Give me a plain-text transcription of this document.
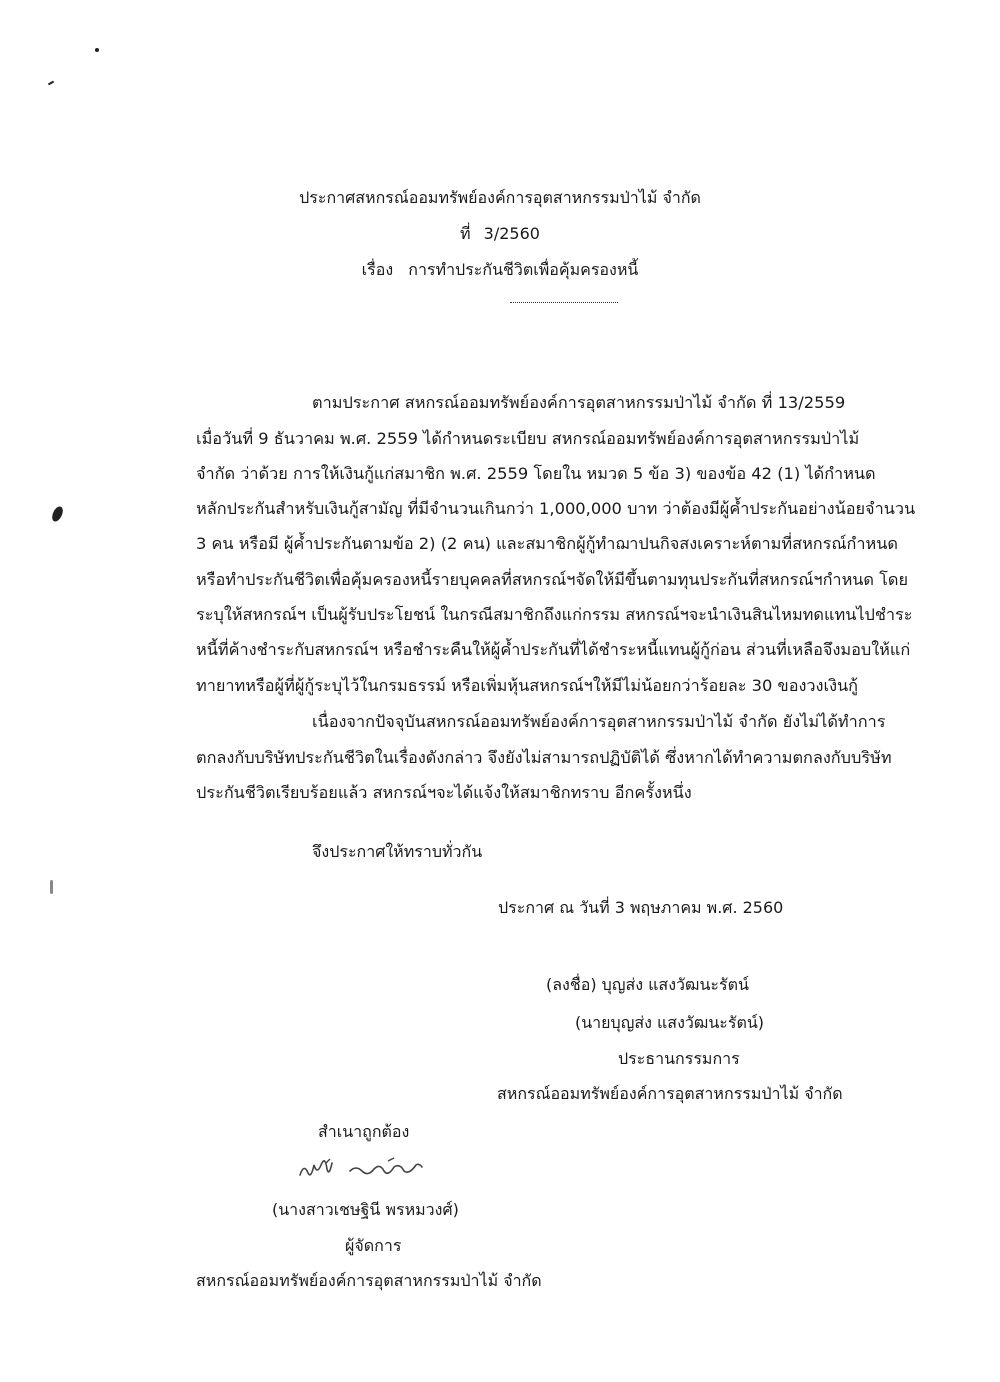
ประกาศสหกรณ์ออมทรัพย์องค์การอุตสาหกรรมป่าไม้ จำกัด
ที่ 3/2560
เรื่อง การทำประกันชีวิตเพื่อคุ้มครองหนี้
ตามประกาศ สหกรณ์ออมทรัพย์องค์การอุตสาหกรรมป่าไม้ จำกัด ที่ 13/2559
เมื่อวันที่ 9 ธันวาคม พ.ศ. 2559 ได้กำหนดระเบียบ สหกรณ์ออมทรัพย์องค์การอุตสาหกรรมป่าไม้
จำกัด ว่าด้วย การให้เงินกู้แก่สมาชิก พ.ศ. 2559 โดยใน หมวด 5 ข้อ 3) ของข้อ 42 (1) ได้กำหนด
หลักประกันสำหรับเงินกู้สามัญ ที่มีจำนวนเกินกว่า 1,000,000 บาท ว่าต้องมีผู้ค้ำประกันอย่างน้อยจำนวน
3 คน หรือมี ผู้ค้ำประกันตามข้อ 2) (2 คน) และสมาชิกผู้กู้ทำฌาปนกิจสงเคราะห์ตามที่สหกรณ์กำหนด
หรือทำประกันชีวิตเพื่อคุ้มครองหนี้รายบุคคลที่สหกรณ์ฯจัดให้มีขึ้นตามทุนประกันที่สหกรณ์ฯกำหนด โดย
ระบุให้สหกรณ์ฯ เป็นผู้รับประโยชน์ ในกรณีสมาชิกถึงแก่กรรม สหกรณ์ฯจะนำเงินสินไหมทดแทนไปชำระ
หนี้ที่ค้างชำระกับสหกรณ์ฯ หรือชำระคืนให้ผู้ค้ำประกันที่ได้ชำระหนี้แทนผู้กู้ก่อน ส่วนที่เหลือจึงมอบให้แก่
ทายาทหรือผู้ที่ผู้กู้ระบุไว้ในกรมธรรม์ หรือเพิ่มหุ้นสหกรณ์ฯให้มีไม่น้อยกว่าร้อยละ 30 ของวงเงินกู้
เนื่องจากปัจจุบันสหกรณ์ออมทรัพย์องค์การอุตสาหกรรมป่าไม้ จำกัด ยังไม่ได้ทำการ
ตกลงกับบริษัทประกันชีวิตในเรื่องดังกล่าว จึงยังไม่สามารถปฏิบัติได้ ซึ่งหากได้ทำความตกลงกับบริษัท
ประกันชีวิตเรียบร้อยแล้ว สหกรณ์ฯจะได้แจ้งให้สมาชิกทราบ อีกครั้งหนึ่ง
จึงประกาศให้ทราบทั่วกัน
ประกาศ ณ วันที่ 3 พฤษภาคม พ.ศ. 2560
(ลงชื่อ) บุญส่ง แสงวัฒนะรัตน์
(นายบุญส่ง แสงวัฒนะรัตน์)
ประธานกรรมการ
สหกรณ์ออมทรัพย์องค์การอุตสาหกรรมป่าไม้ จำกัด
สำเนาถูกต้อง
(นางสาวเชษฐินี พรหมวงศ์)
ผู้จัดการ
สหกรณ์ออมทรัพย์องค์การอุตสาหกรรมป่าไม้ จำกัด
